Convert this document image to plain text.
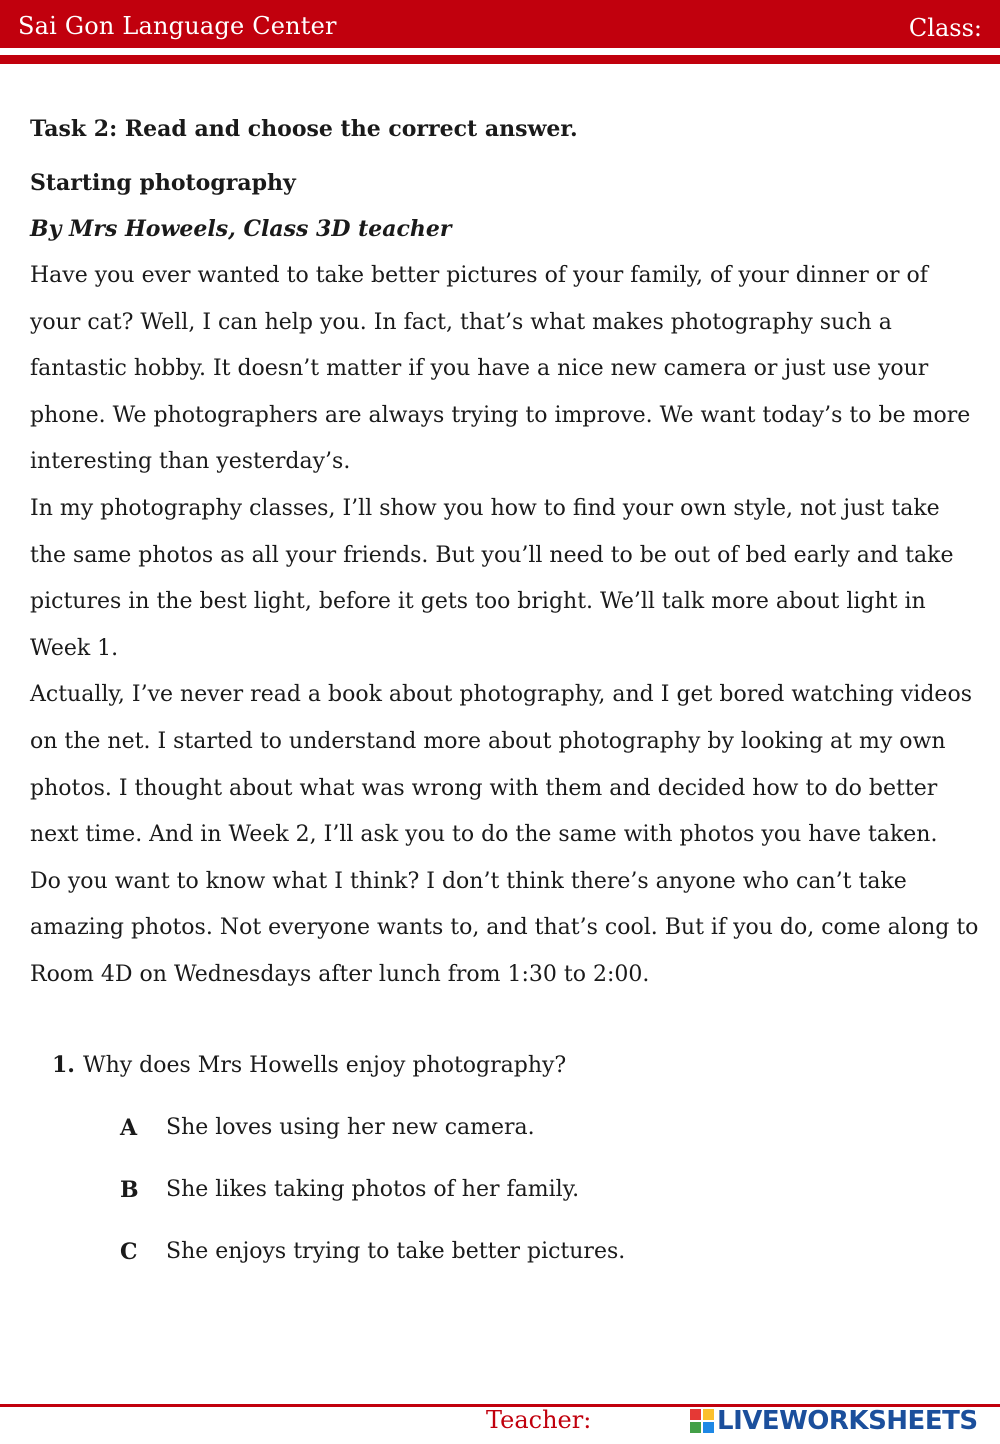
Sai Gon Language Center	Class:

Task 2: Read and choose the correct answer.

Starting photography

By Mrs Howeels, Class 3D teacher

Have you ever wanted to take better pictures of your family, of your dinner or of your cat? Well, I can help you. In fact, that’s what makes photography such a fantastic hobby. It doesn’t matter if you have a nice new camera or just use your phone. We photographers are always trying to improve. We want today’s to be more interesting than yesterday’s.

In my photography classes, I’ll show you how to find your own style, not just take the same photos as all your friends. But you’ll need to be out of bed early and take pictures in the best light, before it gets too bright. We’ll talk more about light in Week 1.

Actually, I’ve never read a book about photography, and I get bored watching videos on the net. I started to understand more about photography by looking at my own photos. I thought about what was wrong with them and decided how to do better next time. And in Week 2, I’ll ask you to do the same with photos you have taken.

Do you want to know what I think? I don’t think there’s anyone who can’t take amazing photos. Not everyone wants to, and that’s cool. But if you do, come along to Room 4D on Wednesdays after lunch from 1:30 to 2:00.

1. Why does Mrs Howells enjoy photography?
A	She loves using her new camera.
B	She likes taking photos of her family.
C	She enjoys trying to take better pictures.
Teacher:	LIVEWORKSHEETS
